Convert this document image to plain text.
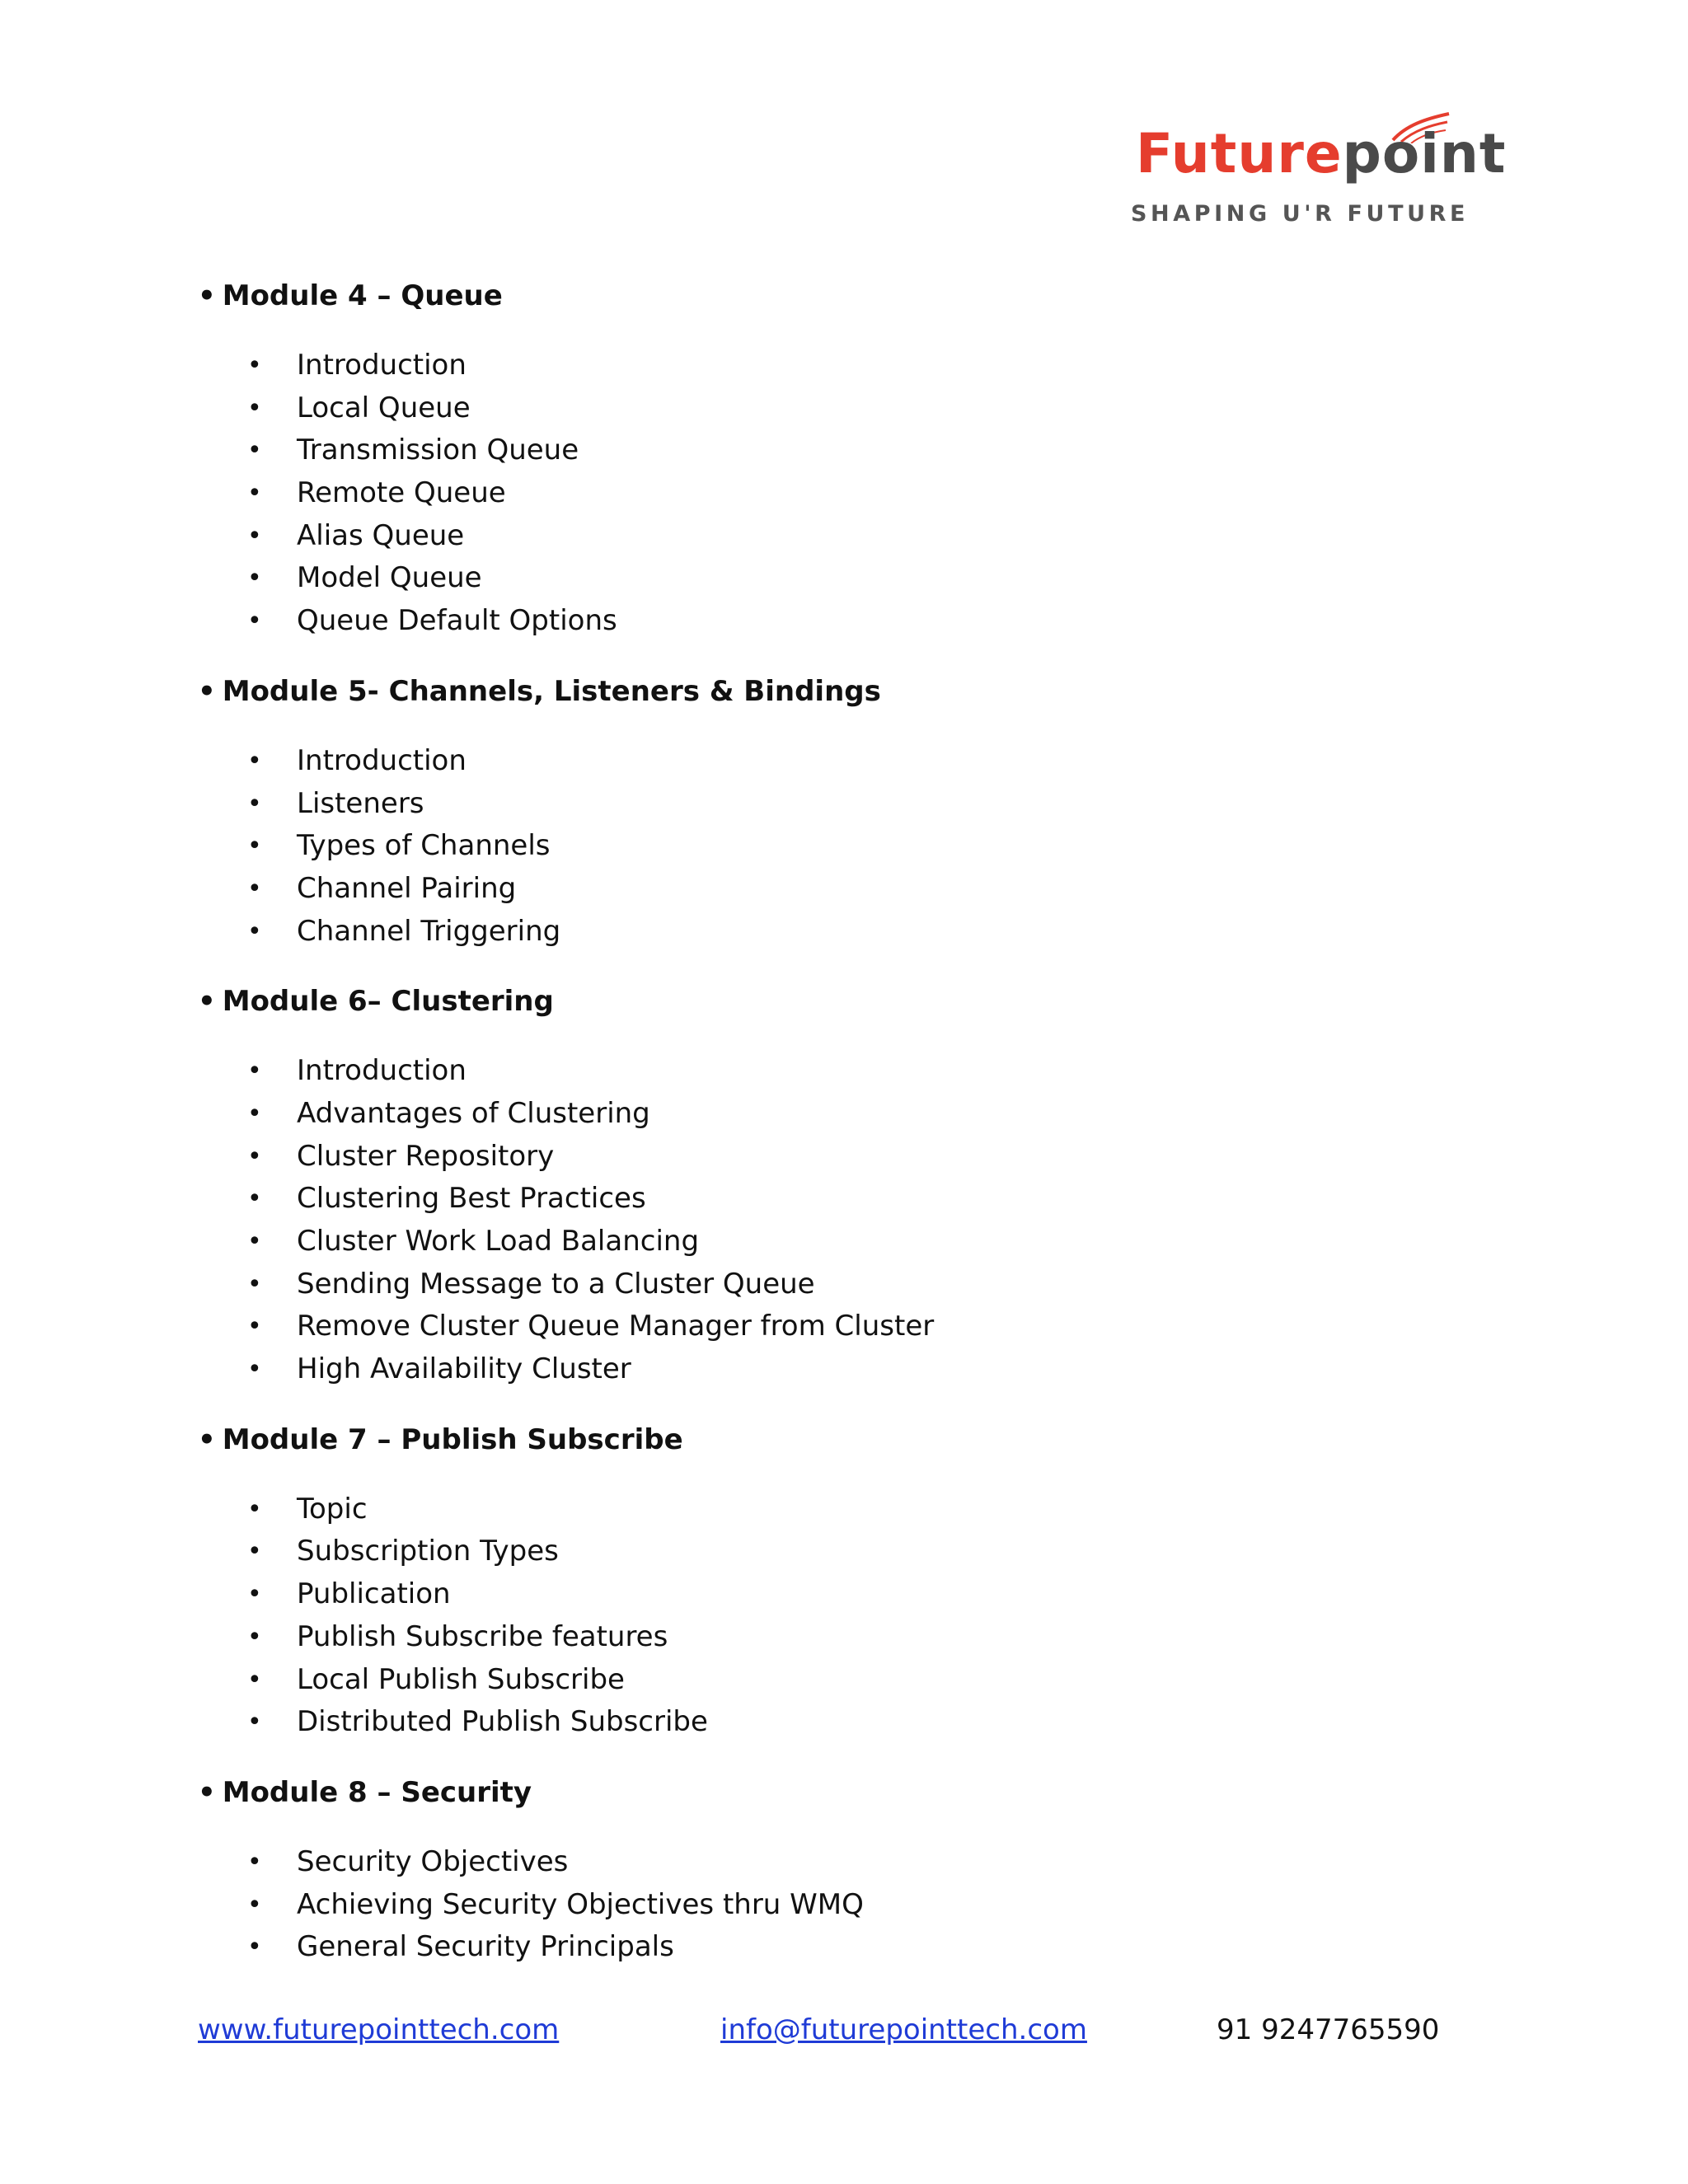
Futurepoint
SHAPING U'R FUTURE
• Module 4 – Queue
• Introduction
• Local Queue
• Transmission Queue
• Remote Queue
• Alias Queue
• Model Queue
• Queue Default Options
• Module 5- Channels, Listeners & Bindings
• Introduction
• Listeners
• Types of Channels
• Channel Pairing
• Channel Triggering
• Module 6– Clustering
• Introduction
• Advantages of Clustering
• Cluster Repository
• Clustering Best Practices
• Cluster Work Load Balancing
• Sending Message to a Cluster Queue
• Remove Cluster Queue Manager from Cluster
• High Availability Cluster
• Module 7 – Publish Subscribe
• Topic
• Subscription Types
• Publication
• Publish Subscribe features
• Local Publish Subscribe
• Distributed Publish Subscribe
• Module 8 – Security
• Security Objectives
• Achieving Security Objectives thru WMQ
• General Security Principals
www.futurepointtech.com	info@futurepointtech.com	91 9247765590
